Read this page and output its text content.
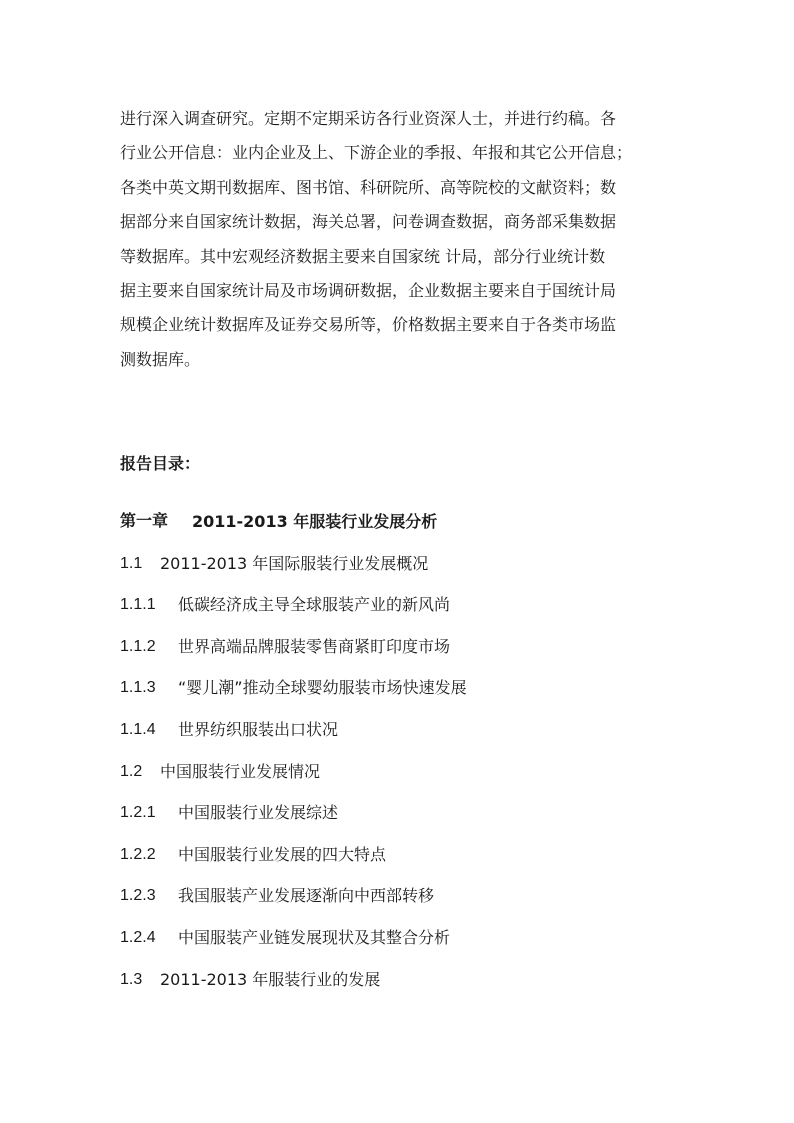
进行深入调查研究。定期不定期采访各行业资深人士，并进行约稿。各
行业公开信息：业内企业及上、下游企业的季报、年报和其它公开信息；
各类中英文期刊数据库、图书馆、科研院所、高等院校的文献资料；数
据部分来自国家统计数据，海关总署，问卷调查数据，商务部采集数据
等数据库。其中宏观经济数据主要来自国家统 计局，部分行业统计数
据主要来自国家统计局及市场调研数据，企业数据主要来自于国统计局
规模企业统计数据库及证券交易所等，价格数据主要来自于各类市场监
测数据库。
报告目录：
第一章	2011-2013 年服装行业发展分析
1.1	2011-2013 年国际服装行业发展概况
1.1.1	低碳经济成主导全球服装产业的新风尚
1.1.2	世界高端品牌服装零售商紧盯印度市场
1.1.3	“婴儿潮”推动全球婴幼服装市场快速发展
1.1.4	世界纺织服装出口状况
1.2	中国服装行业发展情况
1.2.1	中国服装行业发展综述
1.2.2	中国服装行业发展的四大特点
1.2.3	我国服装产业发展逐渐向中西部转移
1.2.4	中国服装产业链发展现状及其整合分析
1.3	2011-2013 年服装行业的发展
